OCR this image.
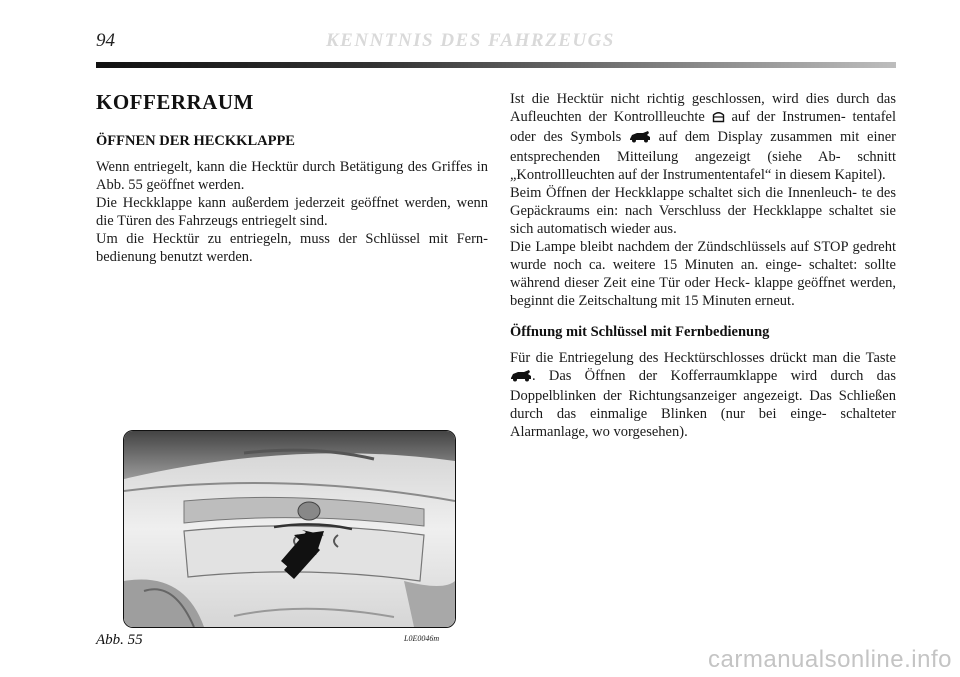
94	KENNTNIS DES FAHRZEUGS
KOFFERRAUM
ÖFFNEN DER HECKKLAPPE

Wenn entriegelt, kann die Hecktür durch Betätigung des Griffes in Abb. 55 geöffnet werden.
Die Heckklappe kann außerdem jederzeit geöffnet werden, wenn die Türen des Fahrzeugs entriegelt sind.
Um die Hecktür zu entriegeln, muss der Schlüssel mit Fern- bedienung benutzt werden.

Ist die Hecktür nicht richtig geschlossen, wird dies durch das Aufleuchten der Kontrollleuchte  auf der Instrumen- tentafel oder des Symbols  auf dem Display zusammen mit einer entsprechenden Mitteilung angezeigt (siehe Ab- schnitt „Kontrollleuchten auf der Instrumententafel“ in diesem Kapitel).
Beim Öffnen der Heckklappe schaltet sich die Innenleuch- te des Gepäckraums ein: nach Verschluss der Heckklappe schaltet sie sich automatisch wieder aus.
Die Lampe bleibt nachdem der Zündschlüssels auf STOP gedreht wurde noch ca. weitere 15 Minuten an. einge- schaltet: sollte während dieser Zeit eine Tür oder Heck- klappe geöffnet werden, beginnt die Zeitschaltung mit 15 Minuten erneut.

Öffnung mit Schlüssel mit Fernbedienung

Für die Entriegelung des Hecktürschlosses drückt man die Taste . Das Öffnen der Kofferraumklappe wird durch das Doppelblinken der Richtungsanzeiger angezeigt. Das Schließen durch das einmalige Blinken (nur bei einge- schalteter Alarmanlage, wo vorgesehen).

Abb. 55	L0E0046m
carmanualsonline.info
